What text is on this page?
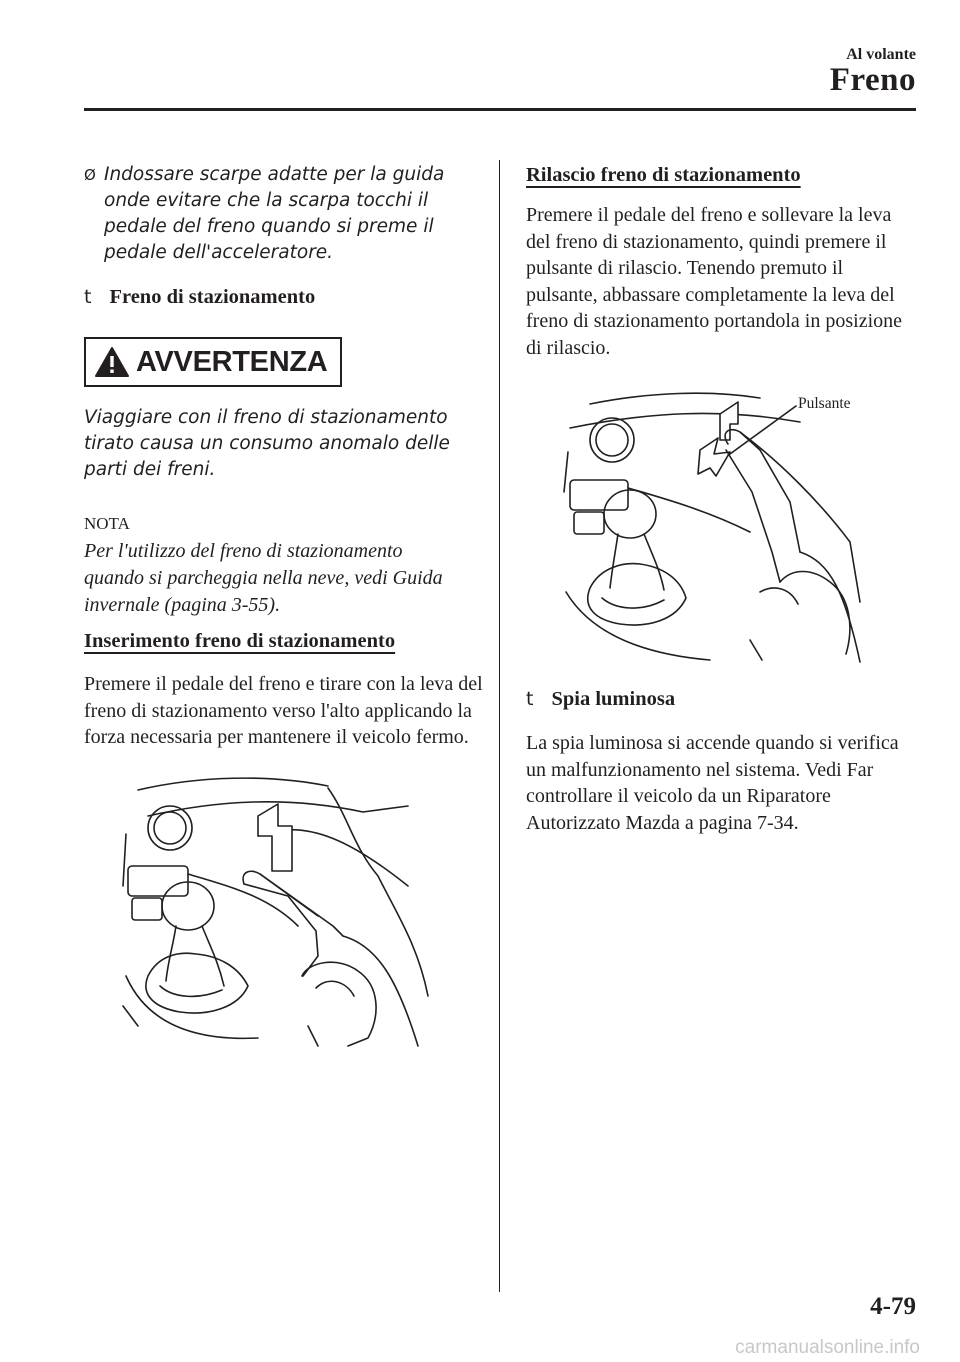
Al volante
Freno
Ø Indossare scarpe adatte per la guida onde evitare che la scarpa tocchi il pedale del freno quando si preme il pedale dell'acceleratore.
t Freno di stazionamento
AVVERTENZA
Viaggiare con il freno di stazionamento tirato causa un consumo anomalo delle parti dei freni.
NOTA
Per l'utilizzo del freno di stazionamento quando si parcheggia nella neve, vedi Guida invernale (pagina 3-55).
Inserimento freno di stazionamento
Premere il pedale del freno e tirare con la leva del freno di stazionamento verso l'alto applicando la forza necessaria per mantenere il veicolo fermo.
Rilascio freno di stazionamento
Premere il pedale del freno e sollevare la leva del freno di stazionamento, quindi premere il pulsante di rilascio. Tenendo premuto il pulsante, abbassare completamente la leva del freno di stazionamento portandola in posizione di rilascio.
Pulsante
t Spia luminosa
La spia luminosa si accende quando si verifica un malfunzionamento nel sistema. Vedi Far controllare il veicolo da un Riparatore Autorizzato Mazda a pagina 7-34.
4-79
carmanualsonline.info
